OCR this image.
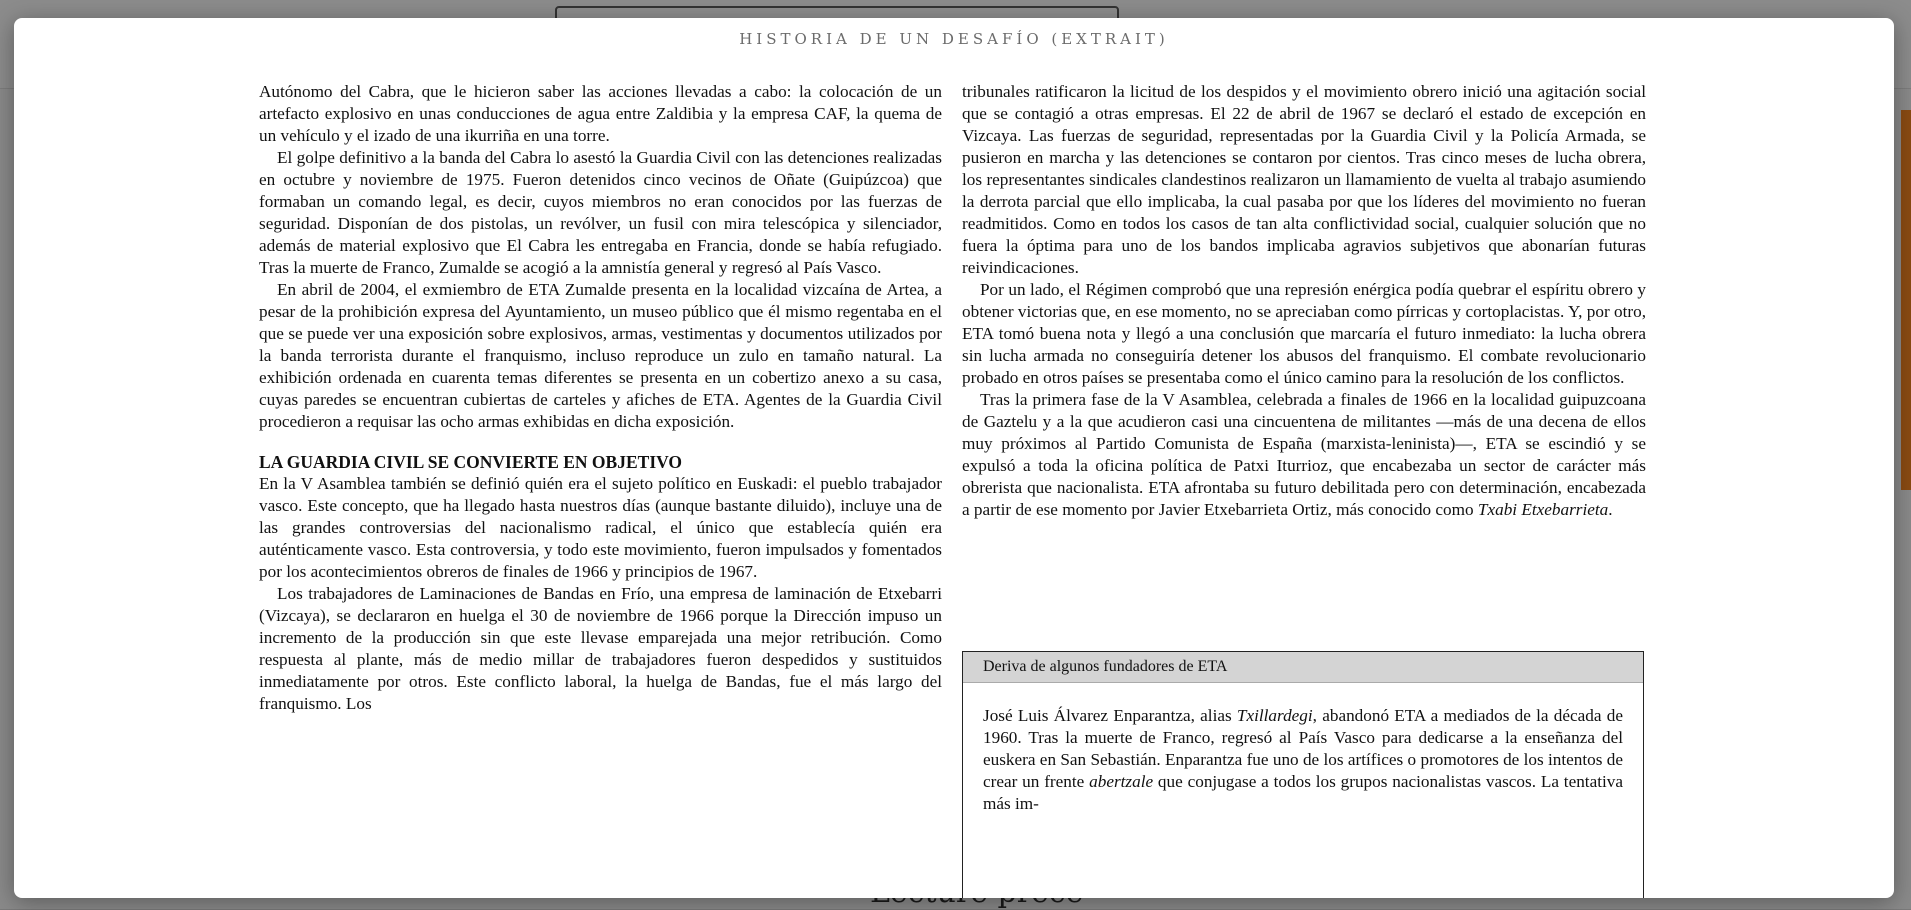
HISTORIA DE UN DESAFÍO (EXTRAIT)

Autónomo del Cabra, que le hicieron saber las acciones llevadas a cabo: la colocación de un artefacto explosivo en unas conducciones de agua entre Zaldibia y la empresa CAF, la quema de un vehículo y el izado de una ikurriña en una torre.

El golpe definitivo a la banda del Cabra lo asestó la Guardia Civil con las detenciones realizadas en octubre y noviembre de 1975. Fueron detenidos cinco vecinos de Oñate (Guipúzcoa) que formaban un comando legal, es decir, cuyos miembros no eran conocidos por las fuerzas de seguridad. Disponían de dos pistolas, un revólver, un fusil con mira telescópica y silenciador, además de material explosivo que El Cabra les entregaba en Francia, donde se había refugiado. Tras la muerte de Franco, Zumalde se acogió a la amnistía general y regresó al País Vasco.

En abril de 2004, el exmiembro de ETA Zumalde presenta en la localidad vizcaína de Artea, a pesar de la prohibición expresa del Ayuntamiento, un museo público que él mismo regentaba en el que se puede ver una exposición sobre explosivos, armas, vestimentas y documentos utilizados por la banda terrorista durante el franquismo, incluso reproduce un zulo en tamaño natural. La exhibición ordenada en cuarenta temas diferentes se presenta en un cobertizo anexo a su casa, cuyas paredes se encuentran cubiertas de carteles y afiches de ETA. Agentes de la Guardia Civil procedieron a requisar las ocho armas exhibidas en dicha exposición.

LA GUARDIA CIVIL SE CONVIERTE EN OBJETIVO

En la V Asamblea también se definió quién era el sujeto político en Euskadi: el pueblo trabajador vasco. Este concepto, que ha llegado hasta nuestros días (aunque bastante diluido), incluye una de las grandes controversias del nacionalismo radical, el único que establecía quién era auténticamente vasco. Esta controversia, y todo este movimiento, fueron impulsados y fomentados por los acontecimientos obreros de finales de 1966 y principios de 1967.

Los trabajadores de Laminaciones de Bandas en Frío, una empresa de laminación de Etxebarri (Vizcaya), se declararon en huelga el 30 de noviembre de 1966 porque la Dirección impuso un incremento de la producción sin que este llevase emparejada una mejor retribución. Como respuesta al plante, más de medio millar de trabajadores fueron despedidos y sustituidos inmediatamente por otros. Este conflicto laboral, la huelga de Bandas, fue el más largo del franquismo. Los

tribunales ratificaron la licitud de los despidos y el movimiento obrero inició una agitación social que se contagió a otras empresas. El 22 de abril de 1967 se declaró el estado de excepción en Vizcaya. Las fuerzas de seguridad, representadas por la Guardia Civil y la Policía Armada, se pusieron en marcha y las detenciones se contaron por cientos. Tras cinco meses de lucha obrera, los representantes sindicales clandestinos realizaron un llamamiento de vuelta al trabajo asumiendo la derrota parcial que ello implicaba, la cual pasaba por que los líderes del movimiento no fueran readmitidos. Como en todos los casos de tan alta conflictividad social, cualquier solución que no fuera la óptima para uno de los bandos implicaba agravios subjetivos que abonarían futuras reivindicaciones.

Por un lado, el Régimen comprobó que una represión enérgica podía quebrar el espíritu obrero y obtener victorias que, en ese momento, no se apreciaban como pírricas y cortoplacistas. Y, por otro, ETA tomó buena nota y llegó a una conclusión que marcaría el futuro inmediato: la lucha obrera sin lucha armada no conseguiría detener los abusos del franquismo. El combate revolucionario probado en otros países se presentaba como el único camino para la resolución de los conflictos.

Tras la primera fase de la V Asamblea, celebrada a finales de 1966 en la localidad guipuzcoana de Gaztelu y a la que acudieron casi una cincuentena de militantes —más de una decena de ellos muy próximos al Partido Comunista de España (marxista-leninista)—, ETA se escindió y se expulsó a toda la oficina política de Patxi Iturrioz, que encabezaba un sector de carácter más obrerista que nacionalista. ETA afrontaba su futuro debilitada pero con determinación, encabezada a partir de ese momento por Javier Etxebarrieta Ortiz, más conocido como Txabi Etxebarrieta.

Deriva de algunos fundadores de ETA
José Luis Álvarez Enparantza, alias Txillardegi, abandonó ETA a mediados de la década de 1960. Tras la muerte de Franco, regresó al País Vasco para dedicarse a la enseñanza del euskera en San Sebastián. Enparantza fue uno de los artífices o promotores de los intentos de crear un frente abertzale que conjugase a todos los grupos nacionalistas vascos. La tentativa más im-
